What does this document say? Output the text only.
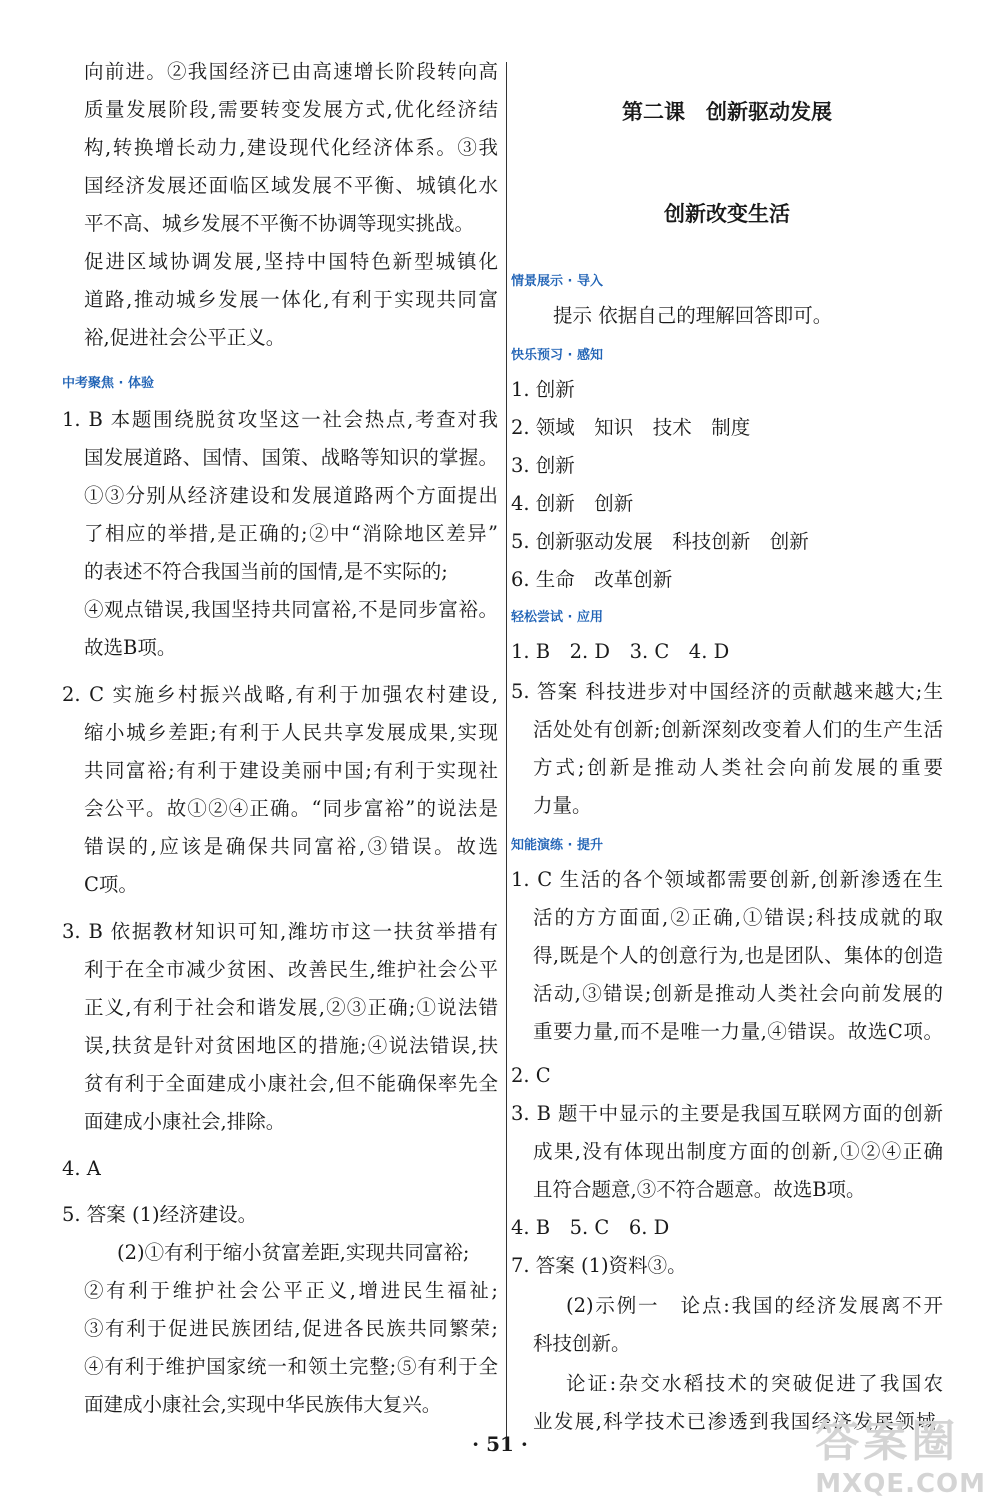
向前进。②我国经济已由高速增长阶段转向高
质量发展阶段,需要转变发展方式,优化经济结
构,转换增长动力,建设现代化经济体系。③我
国经济发展还面临区域发展不平衡、城镇化水
平不高、城乡发展不平衡不协调等现实挑战。
促进区域协调发展,坚持中国特色新型城镇化
道路,推动城乡发展一体化,有利于实现共同富
裕,促进社会公平正义。
中考聚焦 · 体验
1. B 本题围绕脱贫攻坚这一社会热点,考查对我
国发展道路、国情、国策、战略等知识的掌握。
①③分别从经济建设和发展道路两个方面提出
了相应的举措,是正确的;②中“消除地区差异”
的表述不符合我国当前的国情,是不实际的;
④观点错误,我国坚持共同富裕,不是同步富裕。
故选B项。
2. C 实施乡村振兴战略,有利于加强农村建设,
缩小城乡差距;有利于人民共享发展成果,实现
共同富裕;有利于建设美丽中国;有利于实现社
会公平。故①②④正确。“同步富裕”的说法是
错误的,应该是确保共同富裕,③错误。故选
C项。
3. B 依据教材知识可知,潍坊市这一扶贫举措有
利于在全市减少贫困、改善民生,维护社会公平
正义,有利于社会和谐发展,②③正确;①说法错
误,扶贫是针对贫困地区的措施;④说法错误,扶
贫有利于全面建成小康社会,但不能确保率先全
面建成小康社会,排除。
4. A
5. 答案 (1)经济建设。
(2)①有利于缩小贫富差距,实现共同富裕;
②有利于维护社会公平正义,增进民生福祉;
③有利于促进民族团结,促进各民族共同繁荣;
④有利于维护国家统一和领土完整;⑤有利于全
面建成小康社会,实现中华民族伟大复兴。
第二课　创新驱动发展
创新改变生活
情景展示 · 导入
提示 依据自己的理解回答即可。
快乐预习 · 感知
1. 创新
2. 领域　知识　技术　制度
3. 创新
4. 创新　创新
5. 创新驱动发展　科技创新　创新
6. 生命　改革创新
轻松尝试 · 应用
1. B　2. D　3. C　4. D
5. 答案 科技进步对中国经济的贡献越来越大;生
活处处有创新;创新深刻改变着人们的生产生活
方式;创新是推动人类社会向前发展的重要
力量。
知能演练 · 提升
1. C 生活的各个领域都需要创新,创新渗透在生
活的方方面面,②正确,①错误;科技成就的取
得,既是个人的创意行为,也是团队、集体的创造
活动,③错误;创新是推动人类社会向前发展的
重要力量,而不是唯一力量,④错误。故选C项。
2. C
3. B 题干中显示的主要是我国互联网方面的创新
成果,没有体现出制度方面的创新,①②④正确
且符合题意,③不符合题意。故选B项。
4. B　5. C　6. D
7. 答案 (1)资料③。
(2)示例一　论点:我国的经济发展离不开
科技创新。
论证:杂交水稻技术的突破促进了我国农
业发展,科学技术已渗透到我国经济发展领域,
· 51 ·	答案圈
MXQE.COM
